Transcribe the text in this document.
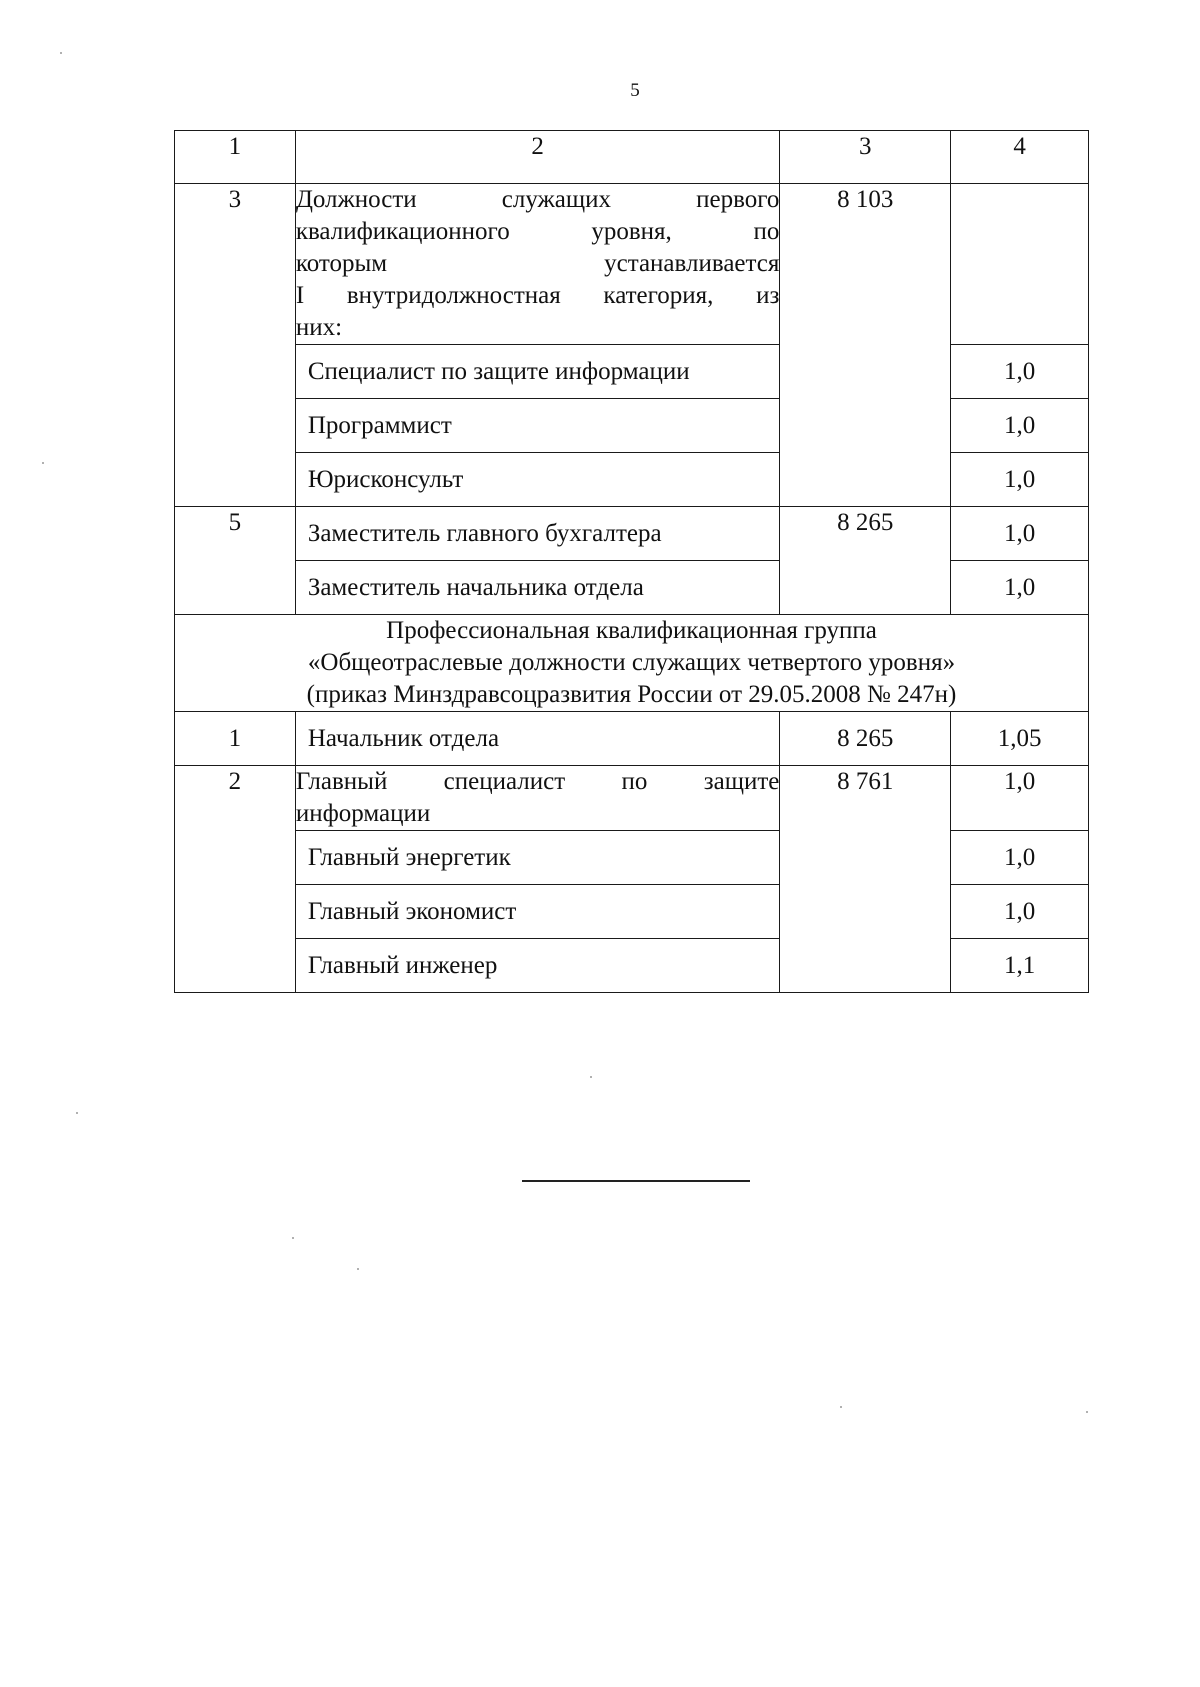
5
1	2	3	4
3	Должности служащих первого
квалификационного уровня, по
которым устанавливается
I внутридолжностная категория, из
них:	8 103	
	Специалист по защите информации		1,0
	Программист		1,0
	Юрисконсульт		1,0
5	Заместитель главного бухгалтера	8 265	1,0
	Заместитель начальника отдела		1,0

Профессиональная квалификационная группа
«Общеотраслевые должности служащих четвертого уровня»
(приказ Минздравсоцразвития России от 29.05.2008 № 247н)			

1	Начальник отдела	8 265	1,05
2	Главный специалист по защите
информации	8 761	1,0
	Главный энергетик		1,0
	Главный экономист		1,0
	Главный инженер		1,1
